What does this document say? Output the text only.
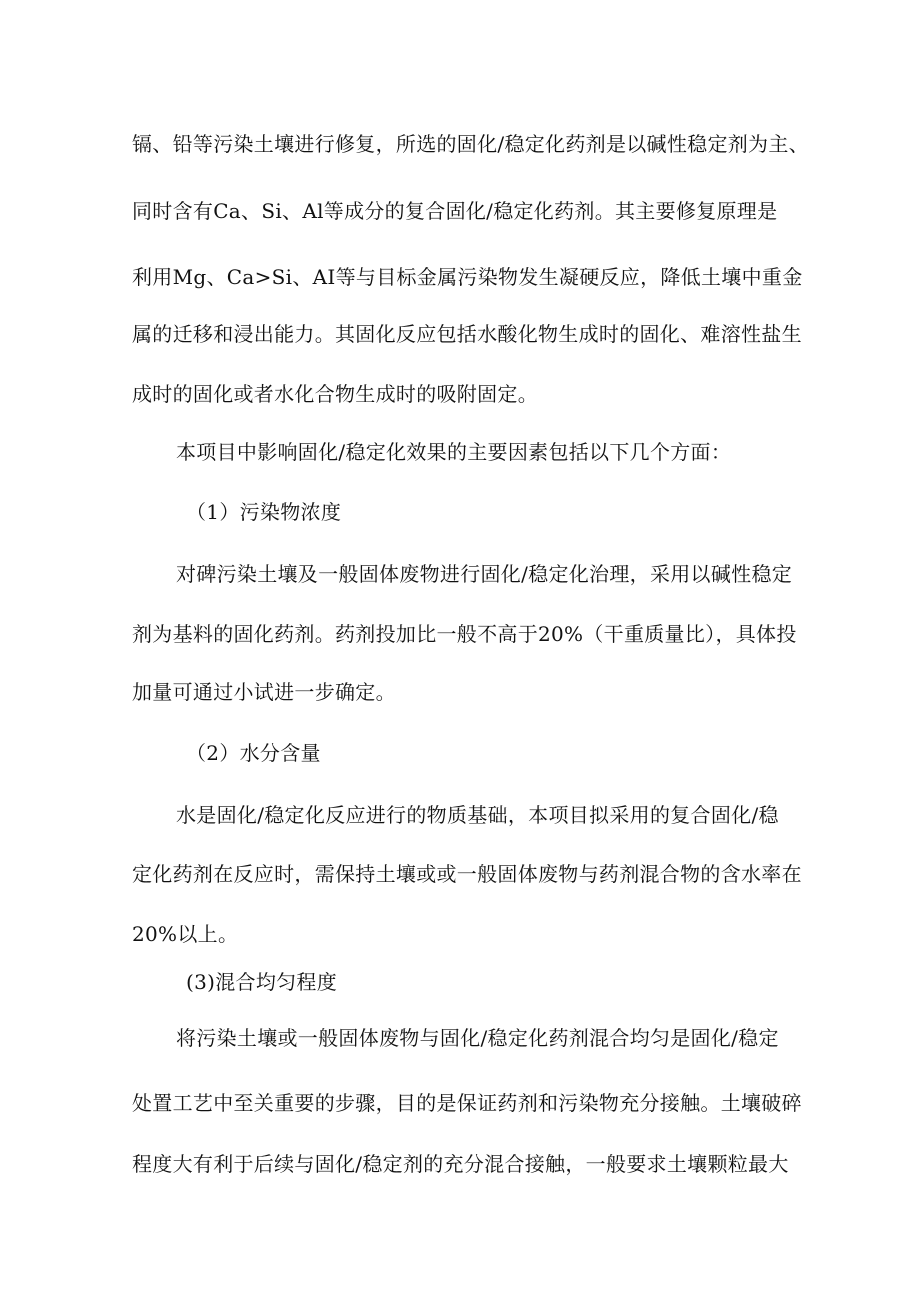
镉、铅等污染土壤进行修复，所选的固化/稳定化药剂是以碱性稳定剂为主、
同时含有Ca、Si、Al等成分的复合固化/稳定化药剂。其主要修复原理是
利用Mg、Ca>Si、AI等与目标金属污染物发生凝硬反应，降低土壤中重金
属的迁移和浸出能力。其固化反应包括水酸化物生成时的固化、难溶性盐生
成时的固化或者水化合物生成时的吸附固定。
本项目中影响固化/稳定化效果的主要因素包括以下几个方面：
（1）污染物浓度
对碑污染土壤及一般固体废物进行固化/稳定化治理，采用以碱性稳定
剂为基料的固化药剂。药剂投加比一般不高于20%（干重质量比），具体投
加量可通过小试进一步确定。
（2）水分含量
水是固化/稳定化反应进行的物质基础，本项目拟采用的复合固化/稳
定化药剂在反应时，需保持土壤或或一般固体废物与药剂混合物的含水率在
20%以上。
(3)混合均匀程度
将污染土壤或一般固体废物与固化/稳定化药剂混合均匀是固化/稳定
处置工艺中至关重要的步骤，目的是保证药剂和污染物充分接触。土壤破碎
程度大有利于后续与固化/稳定剂的充分混合接触，一般要求土壤颗粒最大
